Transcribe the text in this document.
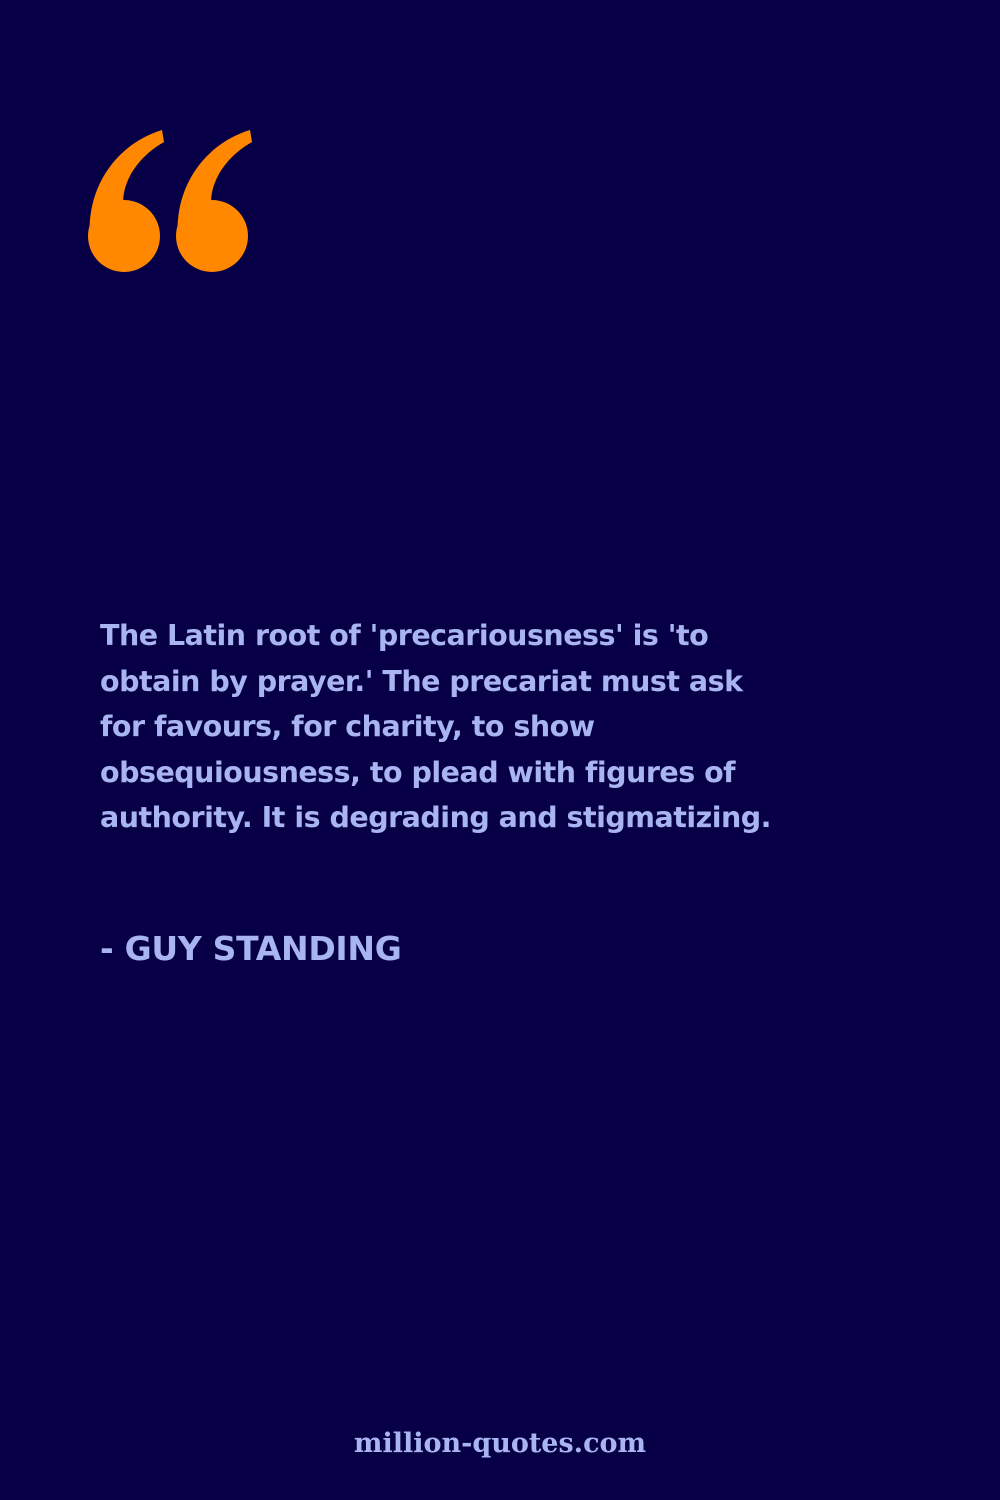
The Latin root of 'precariousness' is 'to
obtain by prayer.' The precariat must ask
for favours, for charity, to show
obsequiousness, to plead with figures of
authority. It is degrading and stigmatizing.

- GUY STANDING

million-quotes.com
